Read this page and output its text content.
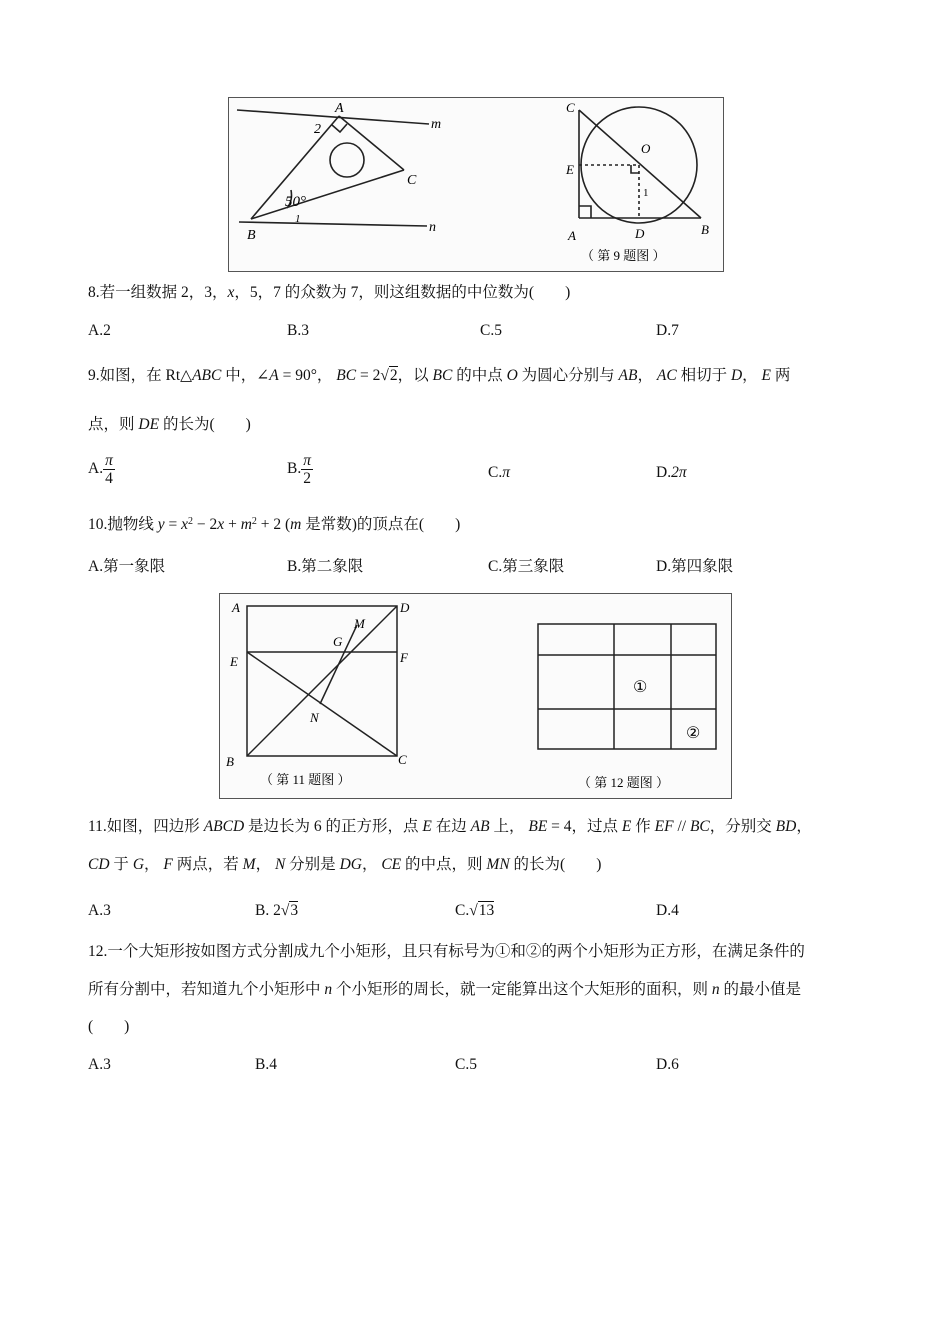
A
2
C
m
n
B
50°
1
C
E
A	D	B
O
1
（ 第 9 题图 ）
8.若一组数据 2，3，x，5，7 的众数为 7，则这组数据的中位数为(　　)
A.2	B.3	C.5	D.7
9.如图，在 Rt△ABC 中，∠A = 90°， BC = 2√2，以 BC 的中点 O 为圆心分别与 AB， AC 相切于 D， E 两
点，则 DE 的长为(　　)
A. $\frac{\pi}{4}$	B. $\frac{\pi}{2}$	C.π	D.2π
10.抛物线 $y = x^2 - 2x + m^2 + 2$ (m 是常数)的顶点在(　　)
A.第一象限	B.第二象限	C.第三象限	D.第四象限
A	D
E	F
G
M
N
B	C
（ 第 11 题图 ）
①
②
（ 第 12 题图 ）
11.如图，四边形 ABCD 是边长为 6 的正方形，点 E 在边 AB 上， BE = 4，过点 E 作 EF // BC，分别交 BD，
CD 于 G， F 两点，若 M， N 分别是 DG， CE 的中点，则 MN 的长为(　　)
A.3	B. 2√3	C.√13	D.4
12.一个大矩形按如图方式分割成九个小矩形，且只有标号为①和②的两个小矩形为正方形，在满足条件的
所有分割中，若知道九个小矩形中 n 个小矩形的周长，就一定能算出这个大矩形的面积，则 n 的最小值是
(　　)
A.3	B.4	C.5	D.6
